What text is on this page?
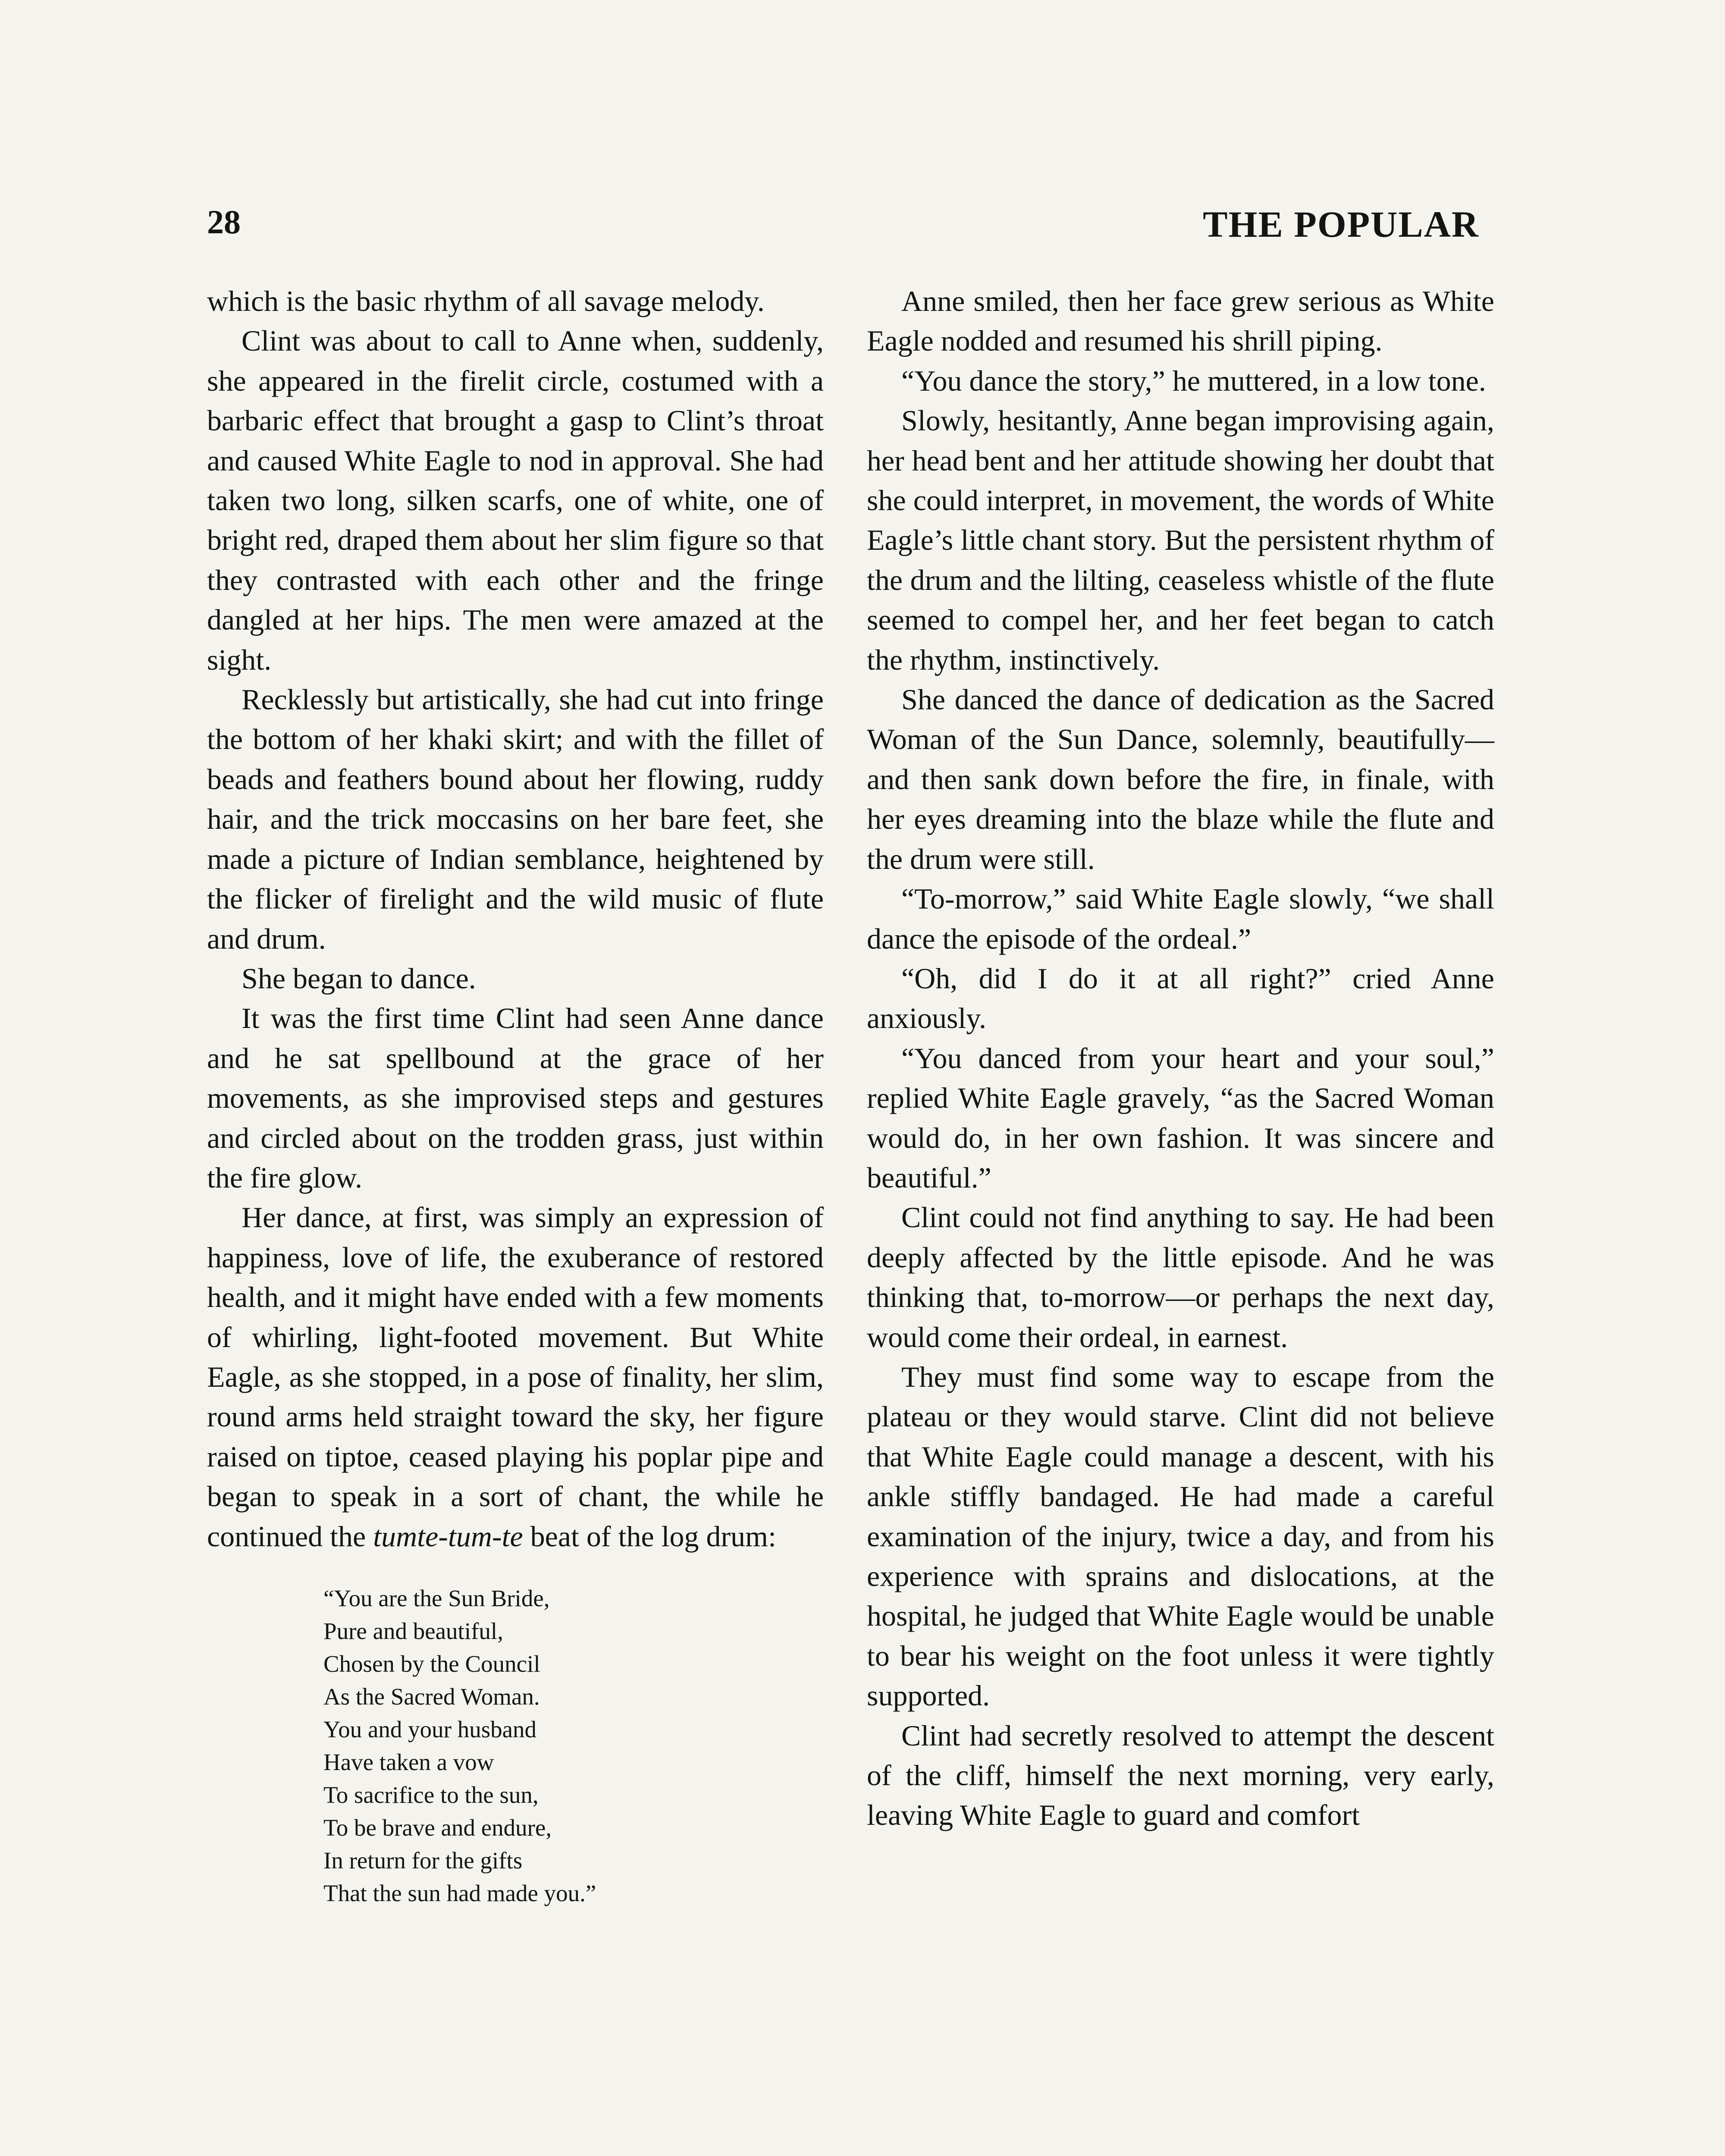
28	THE POPULAR

which is the basic rhythm of all savage melody.

Clint was about to call to Anne when, suddenly, she appeared in the firelit circle, costumed with a barbaric effect that brought a gasp to Clint’s throat and caused White Eagle to nod in approval. She had taken two long, silken scarfs, one of white, one of bright red, draped them about her slim figure so that they contrasted with each other and the fringe dangled at her hips. The men were amazed at the sight.

Recklessly but artistically, she had cut into fringe the bottom of her khaki skirt; and with the fillet of beads and feathers bound about her flowing, ruddy hair, and the trick moccasins on her bare feet, she made a picture of Indian semblance, heightened by the flicker of firelight and the wild music of flute and drum.

She began to dance.

It was the first time Clint had seen Anne dance and he sat spellbound at the grace of her movements, as she improvised steps and gestures and circled about on the trodden grass, just within the fire glow.

Her dance, at first, was simply an expression of happiness, love of life, the exuberance of restored health, and it might have ended with a few moments of whirling, light-footed movement. But White Eagle, as she stopped, in a pose of finality, her slim, round arms held straight toward the sky, her figure raised on tiptoe, ceased playing his poplar pipe and began to speak in a sort of chant, the while he continued the tumte-tum-te beat of the log drum:

“You are the Sun Bride,
Pure and beautiful,
Chosen by the Council
As the Sacred Woman.
You and your husband
Have taken a vow
To sacrifice to the sun,
To be brave and endure,
In return for the gifts
That the sun had made you.”

Anne smiled, then her face grew serious as White Eagle nodded and resumed his shrill piping.

“You dance the story,” he muttered, in a low tone.

Slowly, hesitantly, Anne began improvising again, her head bent and her attitude showing her doubt that she could interpret, in movement, the words of White Eagle’s little chant story. But the persistent rhythm of the drum and the lilting, ceaseless whistle of the flute seemed to compel her, and her feet began to catch the rhythm, instinctively.

She danced the dance of dedication as the Sacred Woman of the Sun Dance, solemnly, beautifully—and then sank down before the fire, in finale, with her eyes dreaming into the blaze while the flute and the drum were still.

“To-morrow,” said White Eagle slowly, “we shall dance the episode of the ordeal.”

“Oh, did I do it at all right?” cried Anne anxiously.

“You danced from your heart and your soul,” replied White Eagle gravely, “as the Sacred Woman would do, in her own fashion. It was sincere and beautiful.”

Clint could not find anything to say. He had been deeply affected by the little episode. And he was thinking that, to-morrow—or perhaps the next day, would come their ordeal, in earnest.

They must find some way to escape from the plateau or they would starve. Clint did not believe that White Eagle could manage a descent, with his ankle stiffly bandaged. He had made a careful examination of the injury, twice a day, and from his experience with sprains and dislocations, at the hospital, he judged that White Eagle would be unable to bear his weight on the foot unless it were tightly supported.

Clint had secretly resolved to attempt the descent of the cliff, himself the next morning, very early, leaving White Eagle to guard and comfort
